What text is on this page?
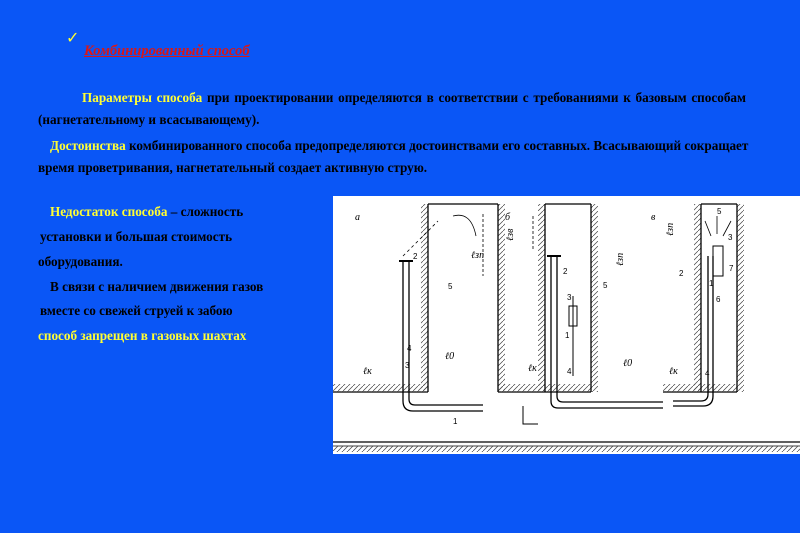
✓
Комбинированный способ
Параметры способа при проектировании определяются в соответствии с требованиями к базовым способам (нагнетательному и всасывающему).
Достоинства комбинированного способа предопределяются достоинствами его составных. Всасывающий сокращает время проветривания, нагнетательный создает активную струю.
Недостаток способа – сложность
установки и большая стоимость
оборудования.
В связи с наличием движения газов
вместе со свежей струей к забою
способ запрещен в газовых шахтах
а
ℓзп
2
5
4
3
1
ℓк
ℓ0
б
ℓзв
ℓзп
2
5
3
1
4
ℓк	ℓ0
в
ℓзп
5
3
2
7
1
6
4
ℓк
